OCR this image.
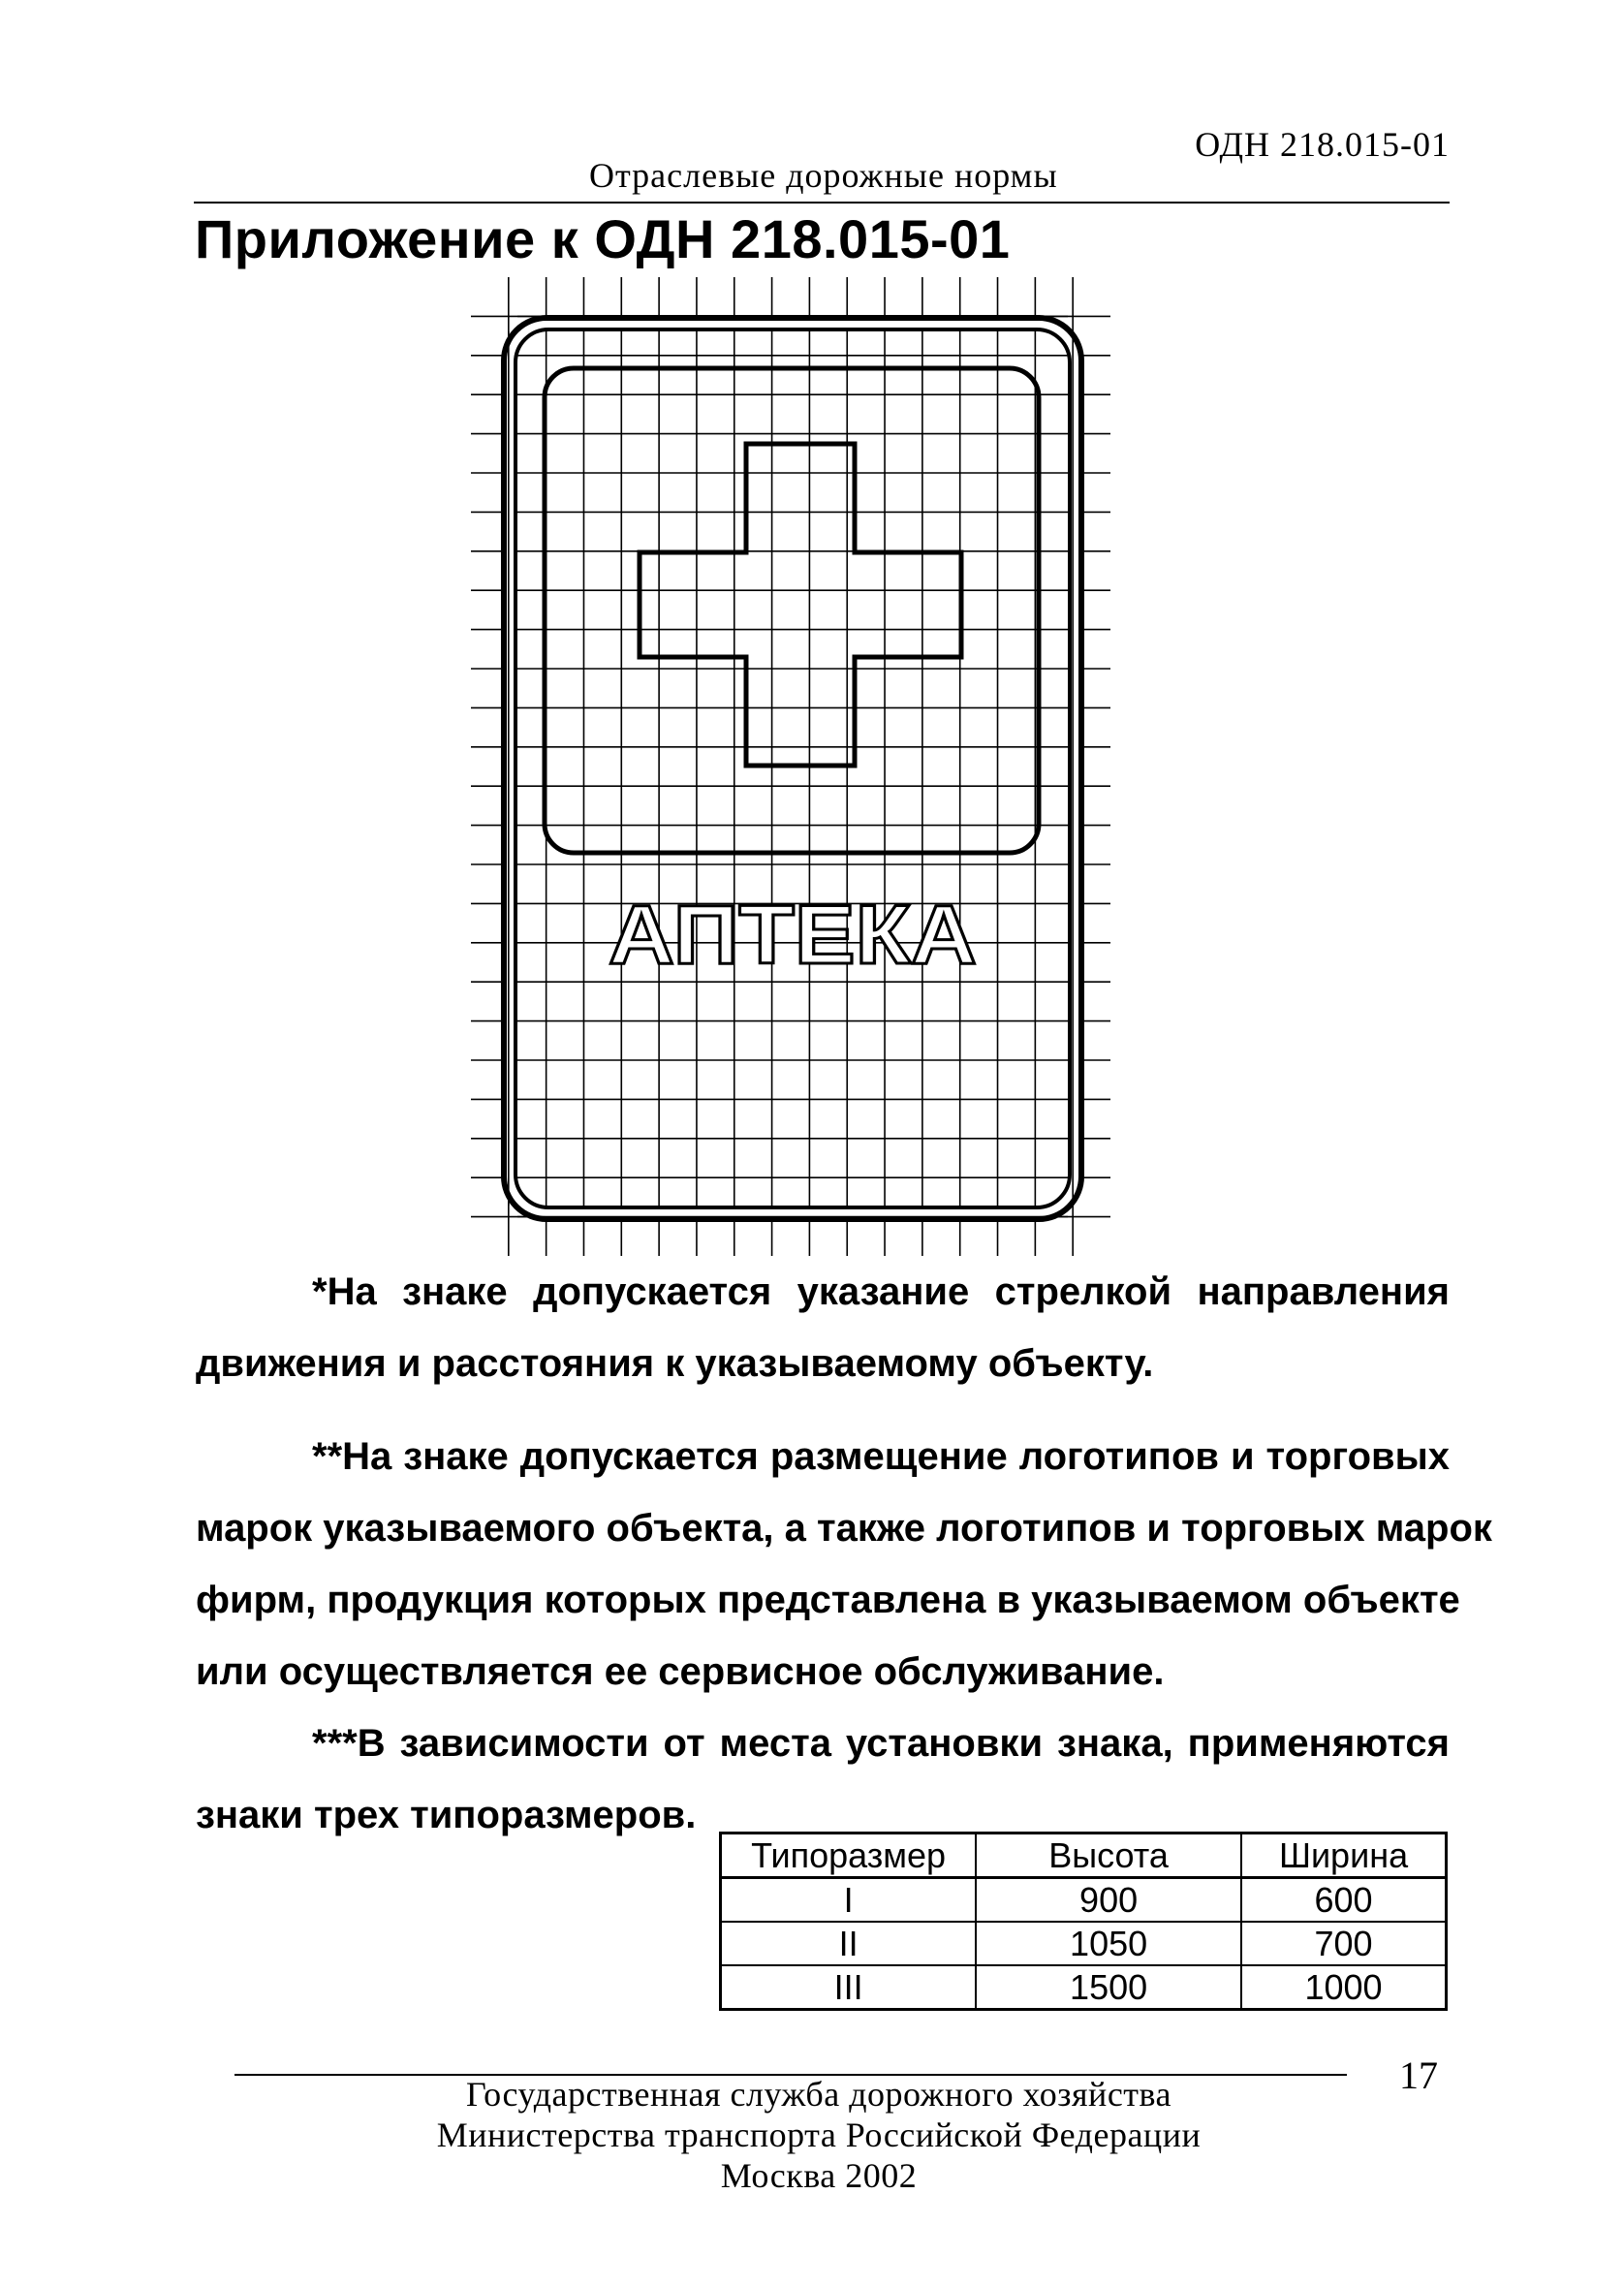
ОДН 218.015-01
Отраслевые дорожные нормы
Приложение к ОДН 218.015-01
АПТЕКА
*На знаке допускается указание стрелкой направления
движения и расстояния к указываемому объекту.
**На знаке допускается размещение логотипов и торговых
марок указываемого объекта, а также логотипов и торговых марок
фирм, продукция которых представлена в указываемом объекте
или осуществляется ее сервисное обслуживание.
***В зависимости от места установки знака, применяются
знаки трех типоразмеров.
Типоразмер	Высота	Ширина
I	900	600
II	1050	700
III	1500	1000
17
Государственная служба дорожного хозяйства
Министерства транспорта Российской Федерации
Москва 2002
